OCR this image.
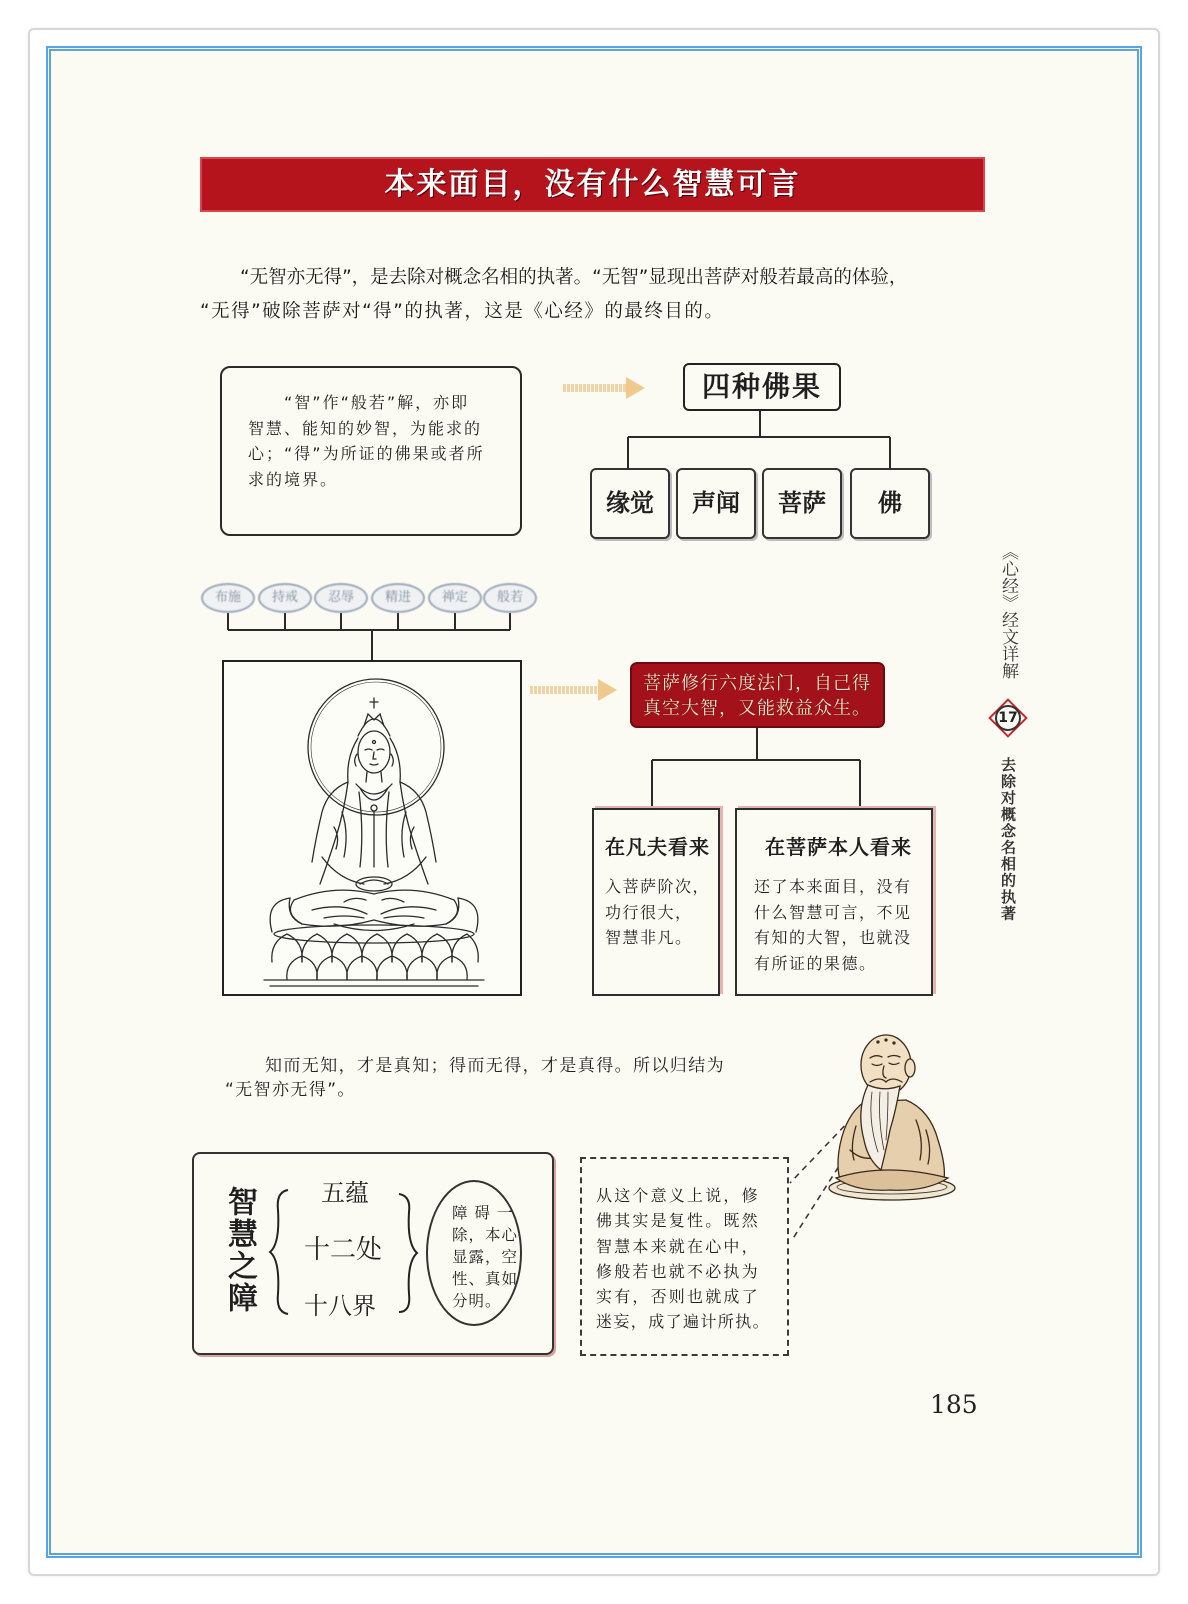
本来面目，没有什么智慧可言
“无智亦无得”，是去除对概念名相的执著。“无智”显现出菩萨对般若最高的体验，
“无得”破除菩萨对“得”的执著，这是《心经》的最终目的。
“智”作“般若”解，亦即
智慧、能知的妙智，为能求的
心；“得”为所证的佛果或者所
求的境界。
四种佛果
缘觉	声闻	菩萨	佛
布施	持戒	忍辱	精进	禅定	般若
菩萨修行六度法门，自己得
真空大智，又能救益众生。
在凡夫看来
入菩萨阶次，
功行很大，
智慧非凡。
在菩萨本人看来
还了本来面目，没有
什么智慧可言，不见
有知的大智，也就没
有所证的果德。
知而无知，才是真知；得而无得，才是真得。所以归结为
“无智亦无得”。
智慧之障	五蕴
十二处
十八界
障碍一
除，本心
显露，空
性、真如
分明。
从这个意义上说，修
佛其实是复性。既然
智慧本来就在心中，
修般若也就不必执为
实有，否则也就成了
迷妄，成了遍计所执。
《心经》经文详解
17
去除对概念名相的执著
185
